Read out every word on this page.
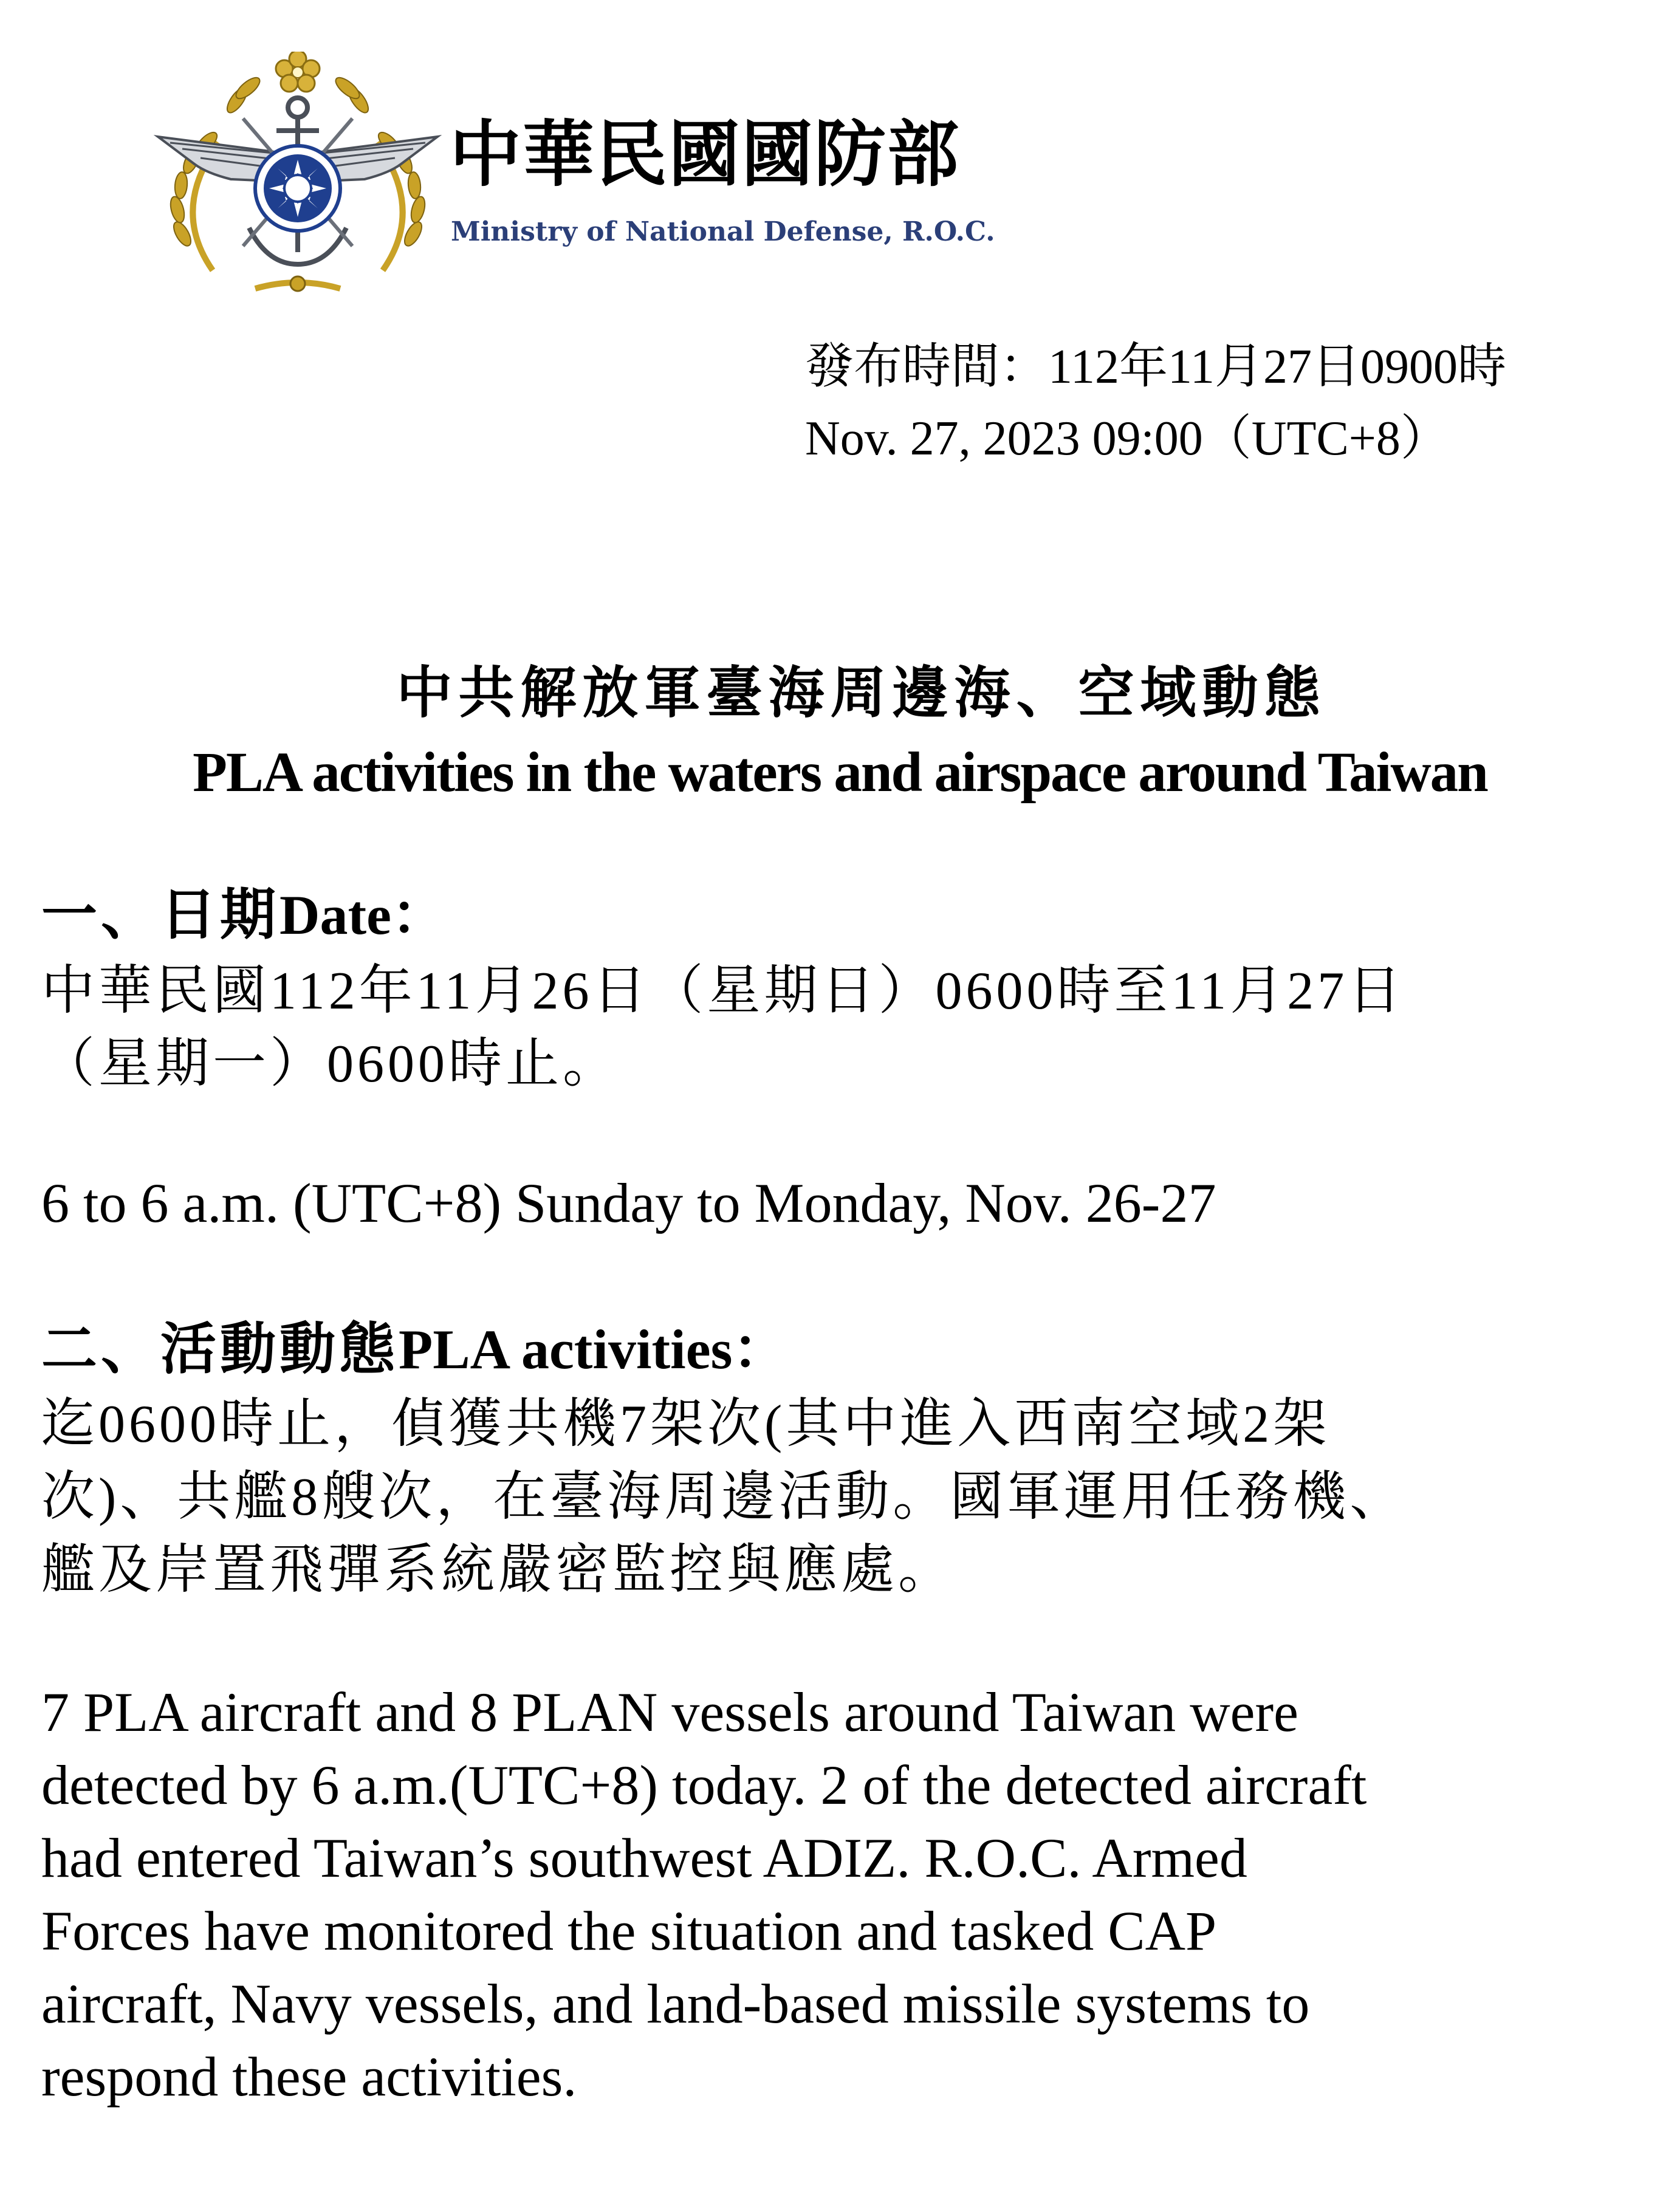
中華民國國防部
Ministry of National Defense, R.O.C.
發布時間：112年11月27日0900時
Nov. 27, 2023 09:00（UTC+8）
中共解放軍臺海周邊海、空域動態
PLA activities in the waters and airspace around Taiwan
一、日期Date：
中華民國112年11月26日（星期日）0600時至11月27日
（星期一）0600時止。
6 to 6 a.m. (UTC+8) Sunday to Monday, Nov. 26-27
二、活動動態PLA activities：
迄0600時止，偵獲共機7架次(其中進入西南空域2架
次)、共艦8艘次，在臺海周邊活動。國軍運用任務機、
艦及岸置飛彈系統嚴密監控與應處。
7 PLA aircraft and 8 PLAN vessels around Taiwan were
detected by 6 a.m.(UTC+8) today. 2 of the detected aircraft
had entered Taiwan’s southwest ADIZ. R.O.C. Armed
Forces have monitored the situation and tasked CAP
aircraft, Navy vessels, and land-based missile systems to
respond these activities.
